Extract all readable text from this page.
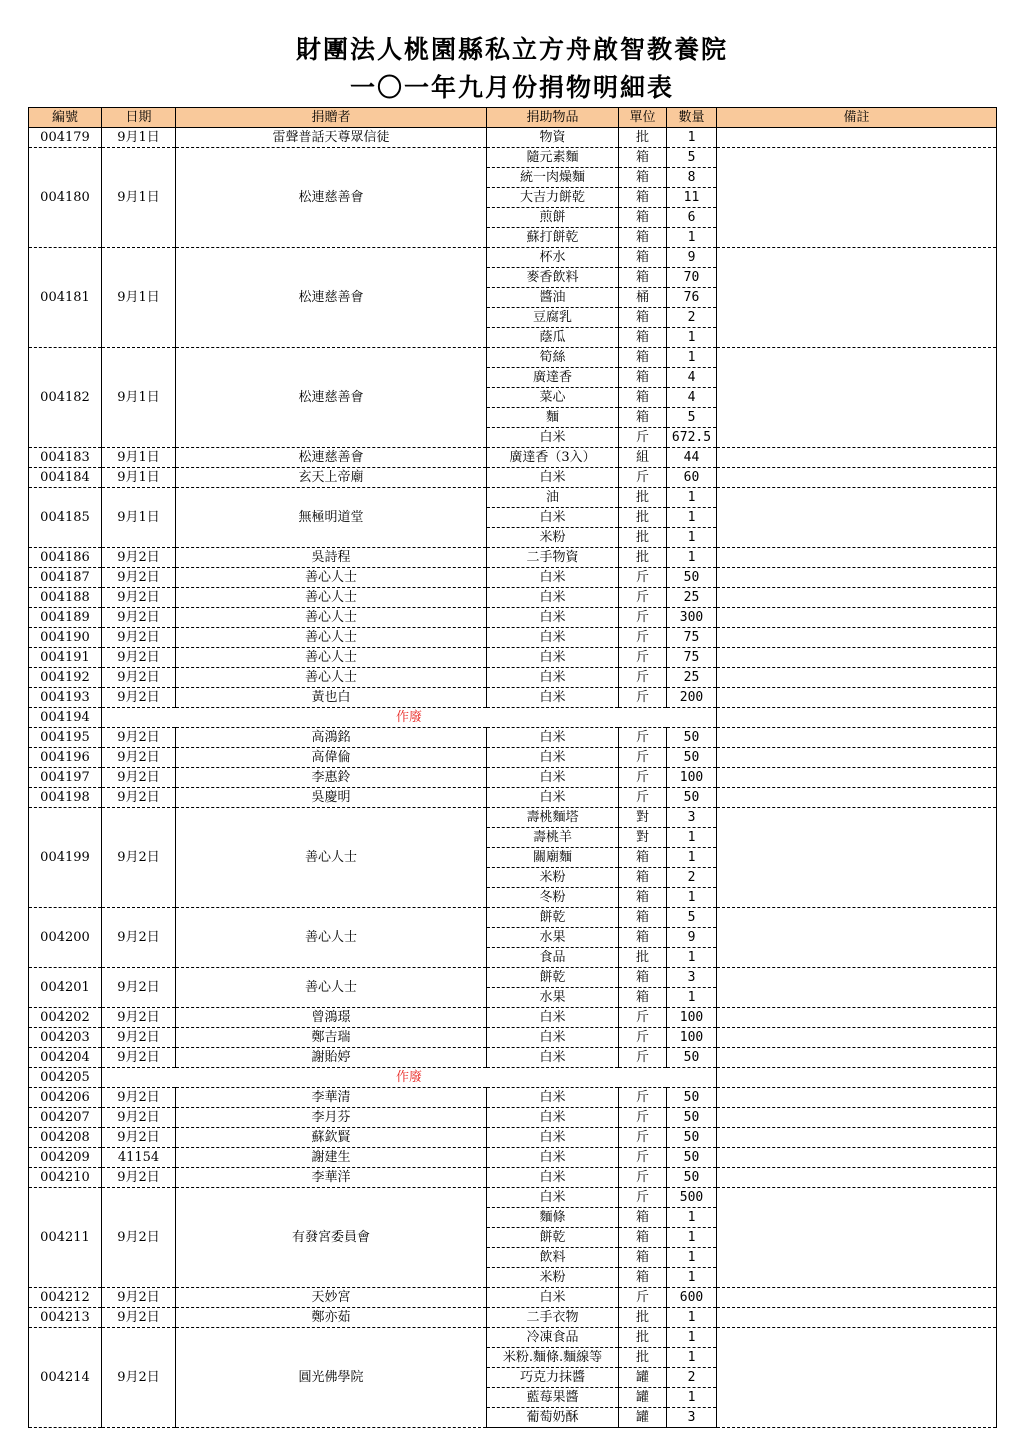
財團法人桃園縣私立方舟啟智教養院
一〇一年九月份捐物明細表
編號	日期	捐贈者	捐助物品	單位	數量	備註
004179	9月1日	雷聲普話天尊眾信徒	物資	批	1	
004180	9月1日	松連慈善會	隨元素麵	箱	5	
			統一肉燥麵	箱	8	
			大吉力餅乾	箱	11	
			煎餅	箱	6	
			蘇打餅乾	箱	1	
004181	9月1日	松連慈善會	杯水	箱	9	
			麥香飲料	箱	70	
			醬油	桶	76	
			豆腐乳	箱	2	
			蔭瓜	箱	1	
004182	9月1日	松連慈善會	筍絲	箱	1	
			廣達香	箱	4	
			菜心	箱	4	
			麵	箱	5	
			白米	斤	672.5	
004183	9月1日	松連慈善會	廣達香（3入）	組	44	
004184	9月1日	玄天上帝廟	白米	斤	60	
004185	9月1日	無極明道堂	油	批	1	
			白米	批	1	
			米粉	批	1	
004186	9月2日	吳詩程	二手物資	批	1	
004187	9月2日	善心人士	白米	斤	50	
004188	9月2日	善心人士	白米	斤	25	
004189	9月2日	善心人士	白米	斤	300	
004190	9月2日	善心人士	白米	斤	75	
004191	9月2日	善心人士	白米	斤	75	
004192	9月2日	善心人士	白米	斤	25	
004193	9月2日	黃也白	白米	斤	200	
004194	作廢					
004195	9月2日	高鴻銘	白米	斤	50	
004196	9月2日	高偉倫	白米	斤	50	
004197	9月2日	李惠鈴	白米	斤	100	
004198	9月2日	吳慶明	白米	斤	50	
004199	9月2日	善心人士	壽桃麵塔	對	3	
			壽桃羊	對	1	
			關廟麵	箱	1	
			米粉	箱	2	
			冬粉	箱	1	
004200	9月2日	善心人士	餅乾	箱	5	
			水果	箱	9	
			食品	批	1	
004201	9月2日	善心人士	餅乾	箱	3	
			水果	箱	1	
004202	9月2日	曾鴻璟	白米	斤	100	
004203	9月2日	鄭吉瑞	白米	斤	100	
004204	9月2日	謝貽婷	白米	斤	50	
004205	作廢					
004206	9月2日	李華清	白米	斤	50	
004207	9月2日	李月芬	白米	斤	50	
004208	9月2日	蘇欽賢	白米	斤	50	
004209	41154	謝建生	白米	斤	50	
004210	9月2日	李華洋	白米	斤	50	
004211	9月2日	有發宮委員會	白米	斤	500	
			麵條	箱	1	
			餅乾	箱	1	
			飲料	箱	1	
			米粉	箱	1	
004212	9月2日	天妙宮	白米	斤	600	
004213	9月2日	鄭亦茹	二手衣物	批	1	
004214	9月2日	圓光佛學院	冷凍食品	批	1	
			米粉.麵條.麵線等	批	1	
			巧克力抹醬	罐	2	
			藍莓果醬	罐	1	
			葡萄奶酥	罐	3	
